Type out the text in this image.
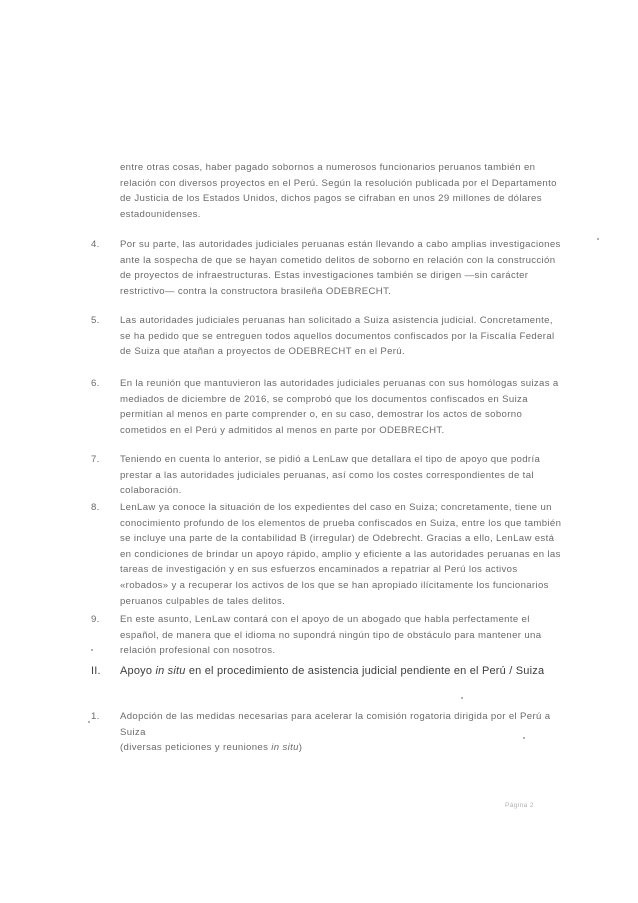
entre otras cosas, haber pagado sobornos a numerosos funcionarios peruanos también en relación con diversos proyectos en el Perú. Según la resolución publicada por el Departamento de Justicia de los Estados Unidos, dichos pagos se cifraban en unos 29 millones de dólares estadounidenses.
4.	Por su parte, las autoridades judiciales peruanas están llevando a cabo amplias investigaciones ante la sospecha de que se hayan cometido delitos de soborno en relación con la construcción de proyectos de infraestructuras. Estas investigaciones también se dirigen —sin carácter restrictivo— contra la constructora brasileña ODEBRECHT.
5.	Las autoridades judiciales peruanas han solicitado a Suiza asistencia judicial. Concretamente, se ha pedido que se entreguen todos aquellos documentos confiscados por la Fiscalía Federal de Suiza que atañan a proyectos de ODEBRECHT en el Perú.
6.	En la reunión que mantuvieron las autoridades judiciales peruanas con sus homólogas suizas a mediados de diciembre de 2016, se comprobó que los documentos confiscados en Suiza permitían al menos en parte comprender o, en su caso, demostrar los actos de soborno cometidos en el Perú y admitidos al menos en parte por ODEBRECHT.
7.	Teniendo en cuenta lo anterior, se pidió a LenLaw que detallara el tipo de apoyo que podría prestar a las autoridades judiciales peruanas, así como los costes correspondientes de tal colaboración.
8.	LenLaw ya conoce la situación de los expedientes del caso en Suiza; concretamente, tiene un conocimiento profundo de los elementos de prueba confiscados en Suiza, entre los que también se incluye una parte de la contabilidad B (irregular) de Odebrecht. Gracias a ello, LenLaw está en condiciones de brindar un apoyo rápido, amplio y eficiente a las autoridades peruanas en las tareas de investigación y en sus esfuerzos encaminados a repatriar al Perú los activos «robados» y a recuperar los activos de los que se han apropiado ilícitamente los funcionarios peruanos culpables de tales delitos.
9.	En este asunto, LenLaw contará con el apoyo de un abogado que habla perfectamente el español, de manera que el idioma no supondrá ningún tipo de obstáculo para mantener una relación profesional con nosotros.
II. Apoyo in situ en el procedimiento de asistencia judicial pendiente en el Perú / Suiza
1.	Adopción de las medidas necesarias para acelerar la comisión rogatoria dirigida por el Perú a Suiza
(diversas peticiones y reuniones in situ)
Página 2
